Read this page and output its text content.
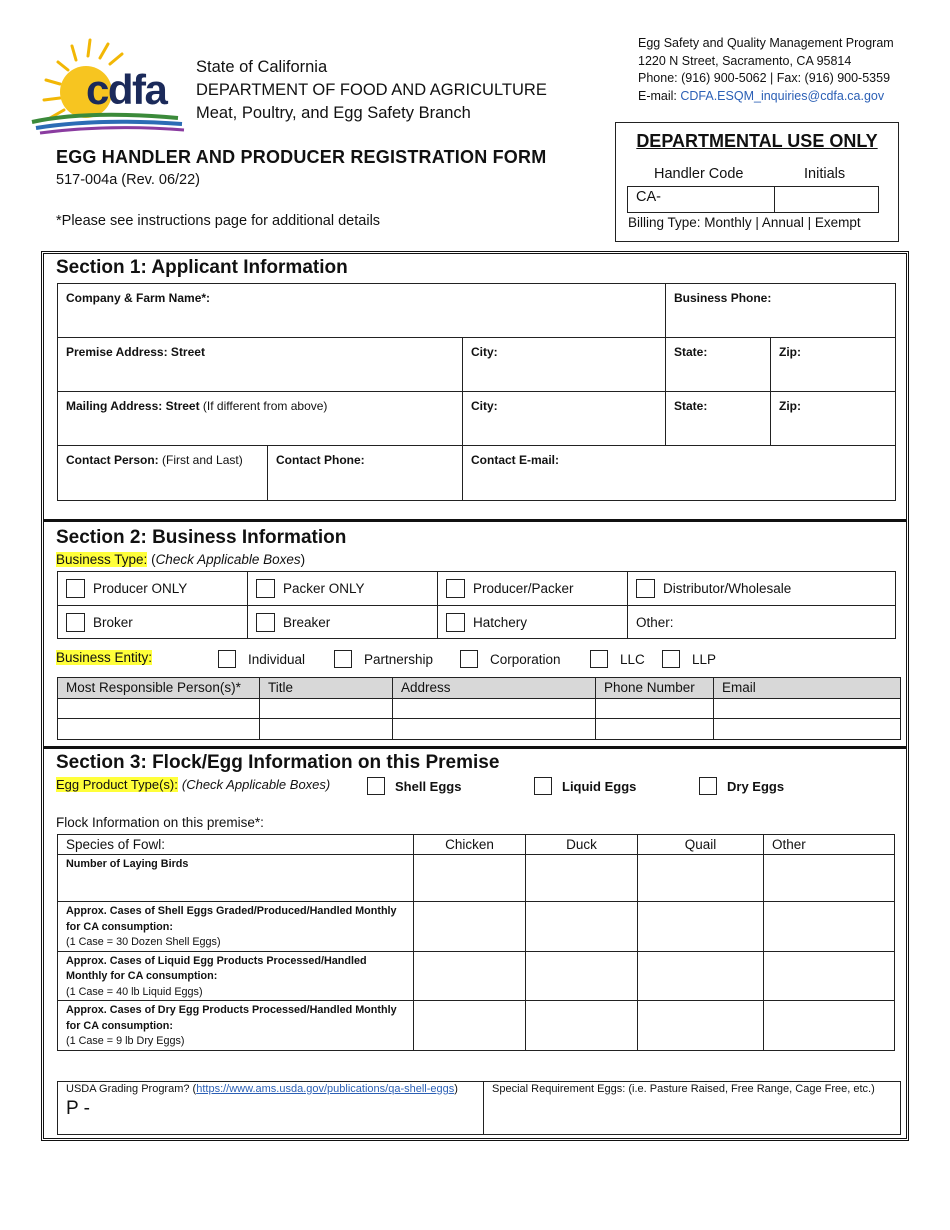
cdfa State of California
DEPARTMENT OF FOOD AND AGRICULTURE
Meat, Poultry, and Egg Safety Branch
Egg Safety and Quality Management Program
1220 N Street, Sacramento, CA 95814
Phone: (916) 900-5062 | Fax: (916) 900-5359
E-mail: CDFA.ESQM_inquiries@cdfa.ca.gov
EGG HANDLER AND PRODUCER REGISTRATION FORM
517-004a (Rev. 06/22)
*Please see instructions page for additional details
DEPARTMENTAL USE ONLY
Handler Code	Initials
CA-
Billing Type: Monthly | Annual | Exempt
Section 1: Applicant Information
Company & Farm Name*:	Business Phone:
Premise Address: Street	City:	State:	Zip:
Mailing Address: Street (If different from above)	City:	State:	Zip:
Contact Person: (First and Last)	Contact Phone:	Contact E-mail:
Section 2: Business Information
Business Type: (Check Applicable Boxes)
Producer ONLY	Packer ONLY	Producer/Packer	Distributor/Wholesale
Broker	Breaker	Hatchery	Other:
Business Entity:	Individual	Partnership	Corporation	LLC	LLP
Most Responsible Person(s)*	Title	Address	Phone Number	Email

Section 3: Flock/Egg Information on this Premise
Egg Product Type(s): (Check Applicable Boxes)	Shell Eggs	Liquid Eggs	Dry Eggs
Flock Information on this premise*:
Species of Fowl:	Chicken	Duck	Quail	Other
Number of Laying Birds				
Approx. Cases of Shell Eggs Graded/Produced/Handled Monthly for CA consumption:
(1 Case = 30 Dozen Shell Eggs)				
Approx. Cases of Liquid Egg Products Processed/Handled Monthly for CA consumption:
(1 Case = 40 lb Liquid Eggs)				
Approx. Cases of Dry Egg Products Processed/Handled Monthly for CA consumption:
(1 Case = 9 lb Dry Eggs)				
USDA Grading Program? (https://www.ams.usda.gov/publications/qa-shell-eggs)
P -
Special Requirement Eggs: (i.e. Pasture Raised, Free Range, Cage Free, etc.)
